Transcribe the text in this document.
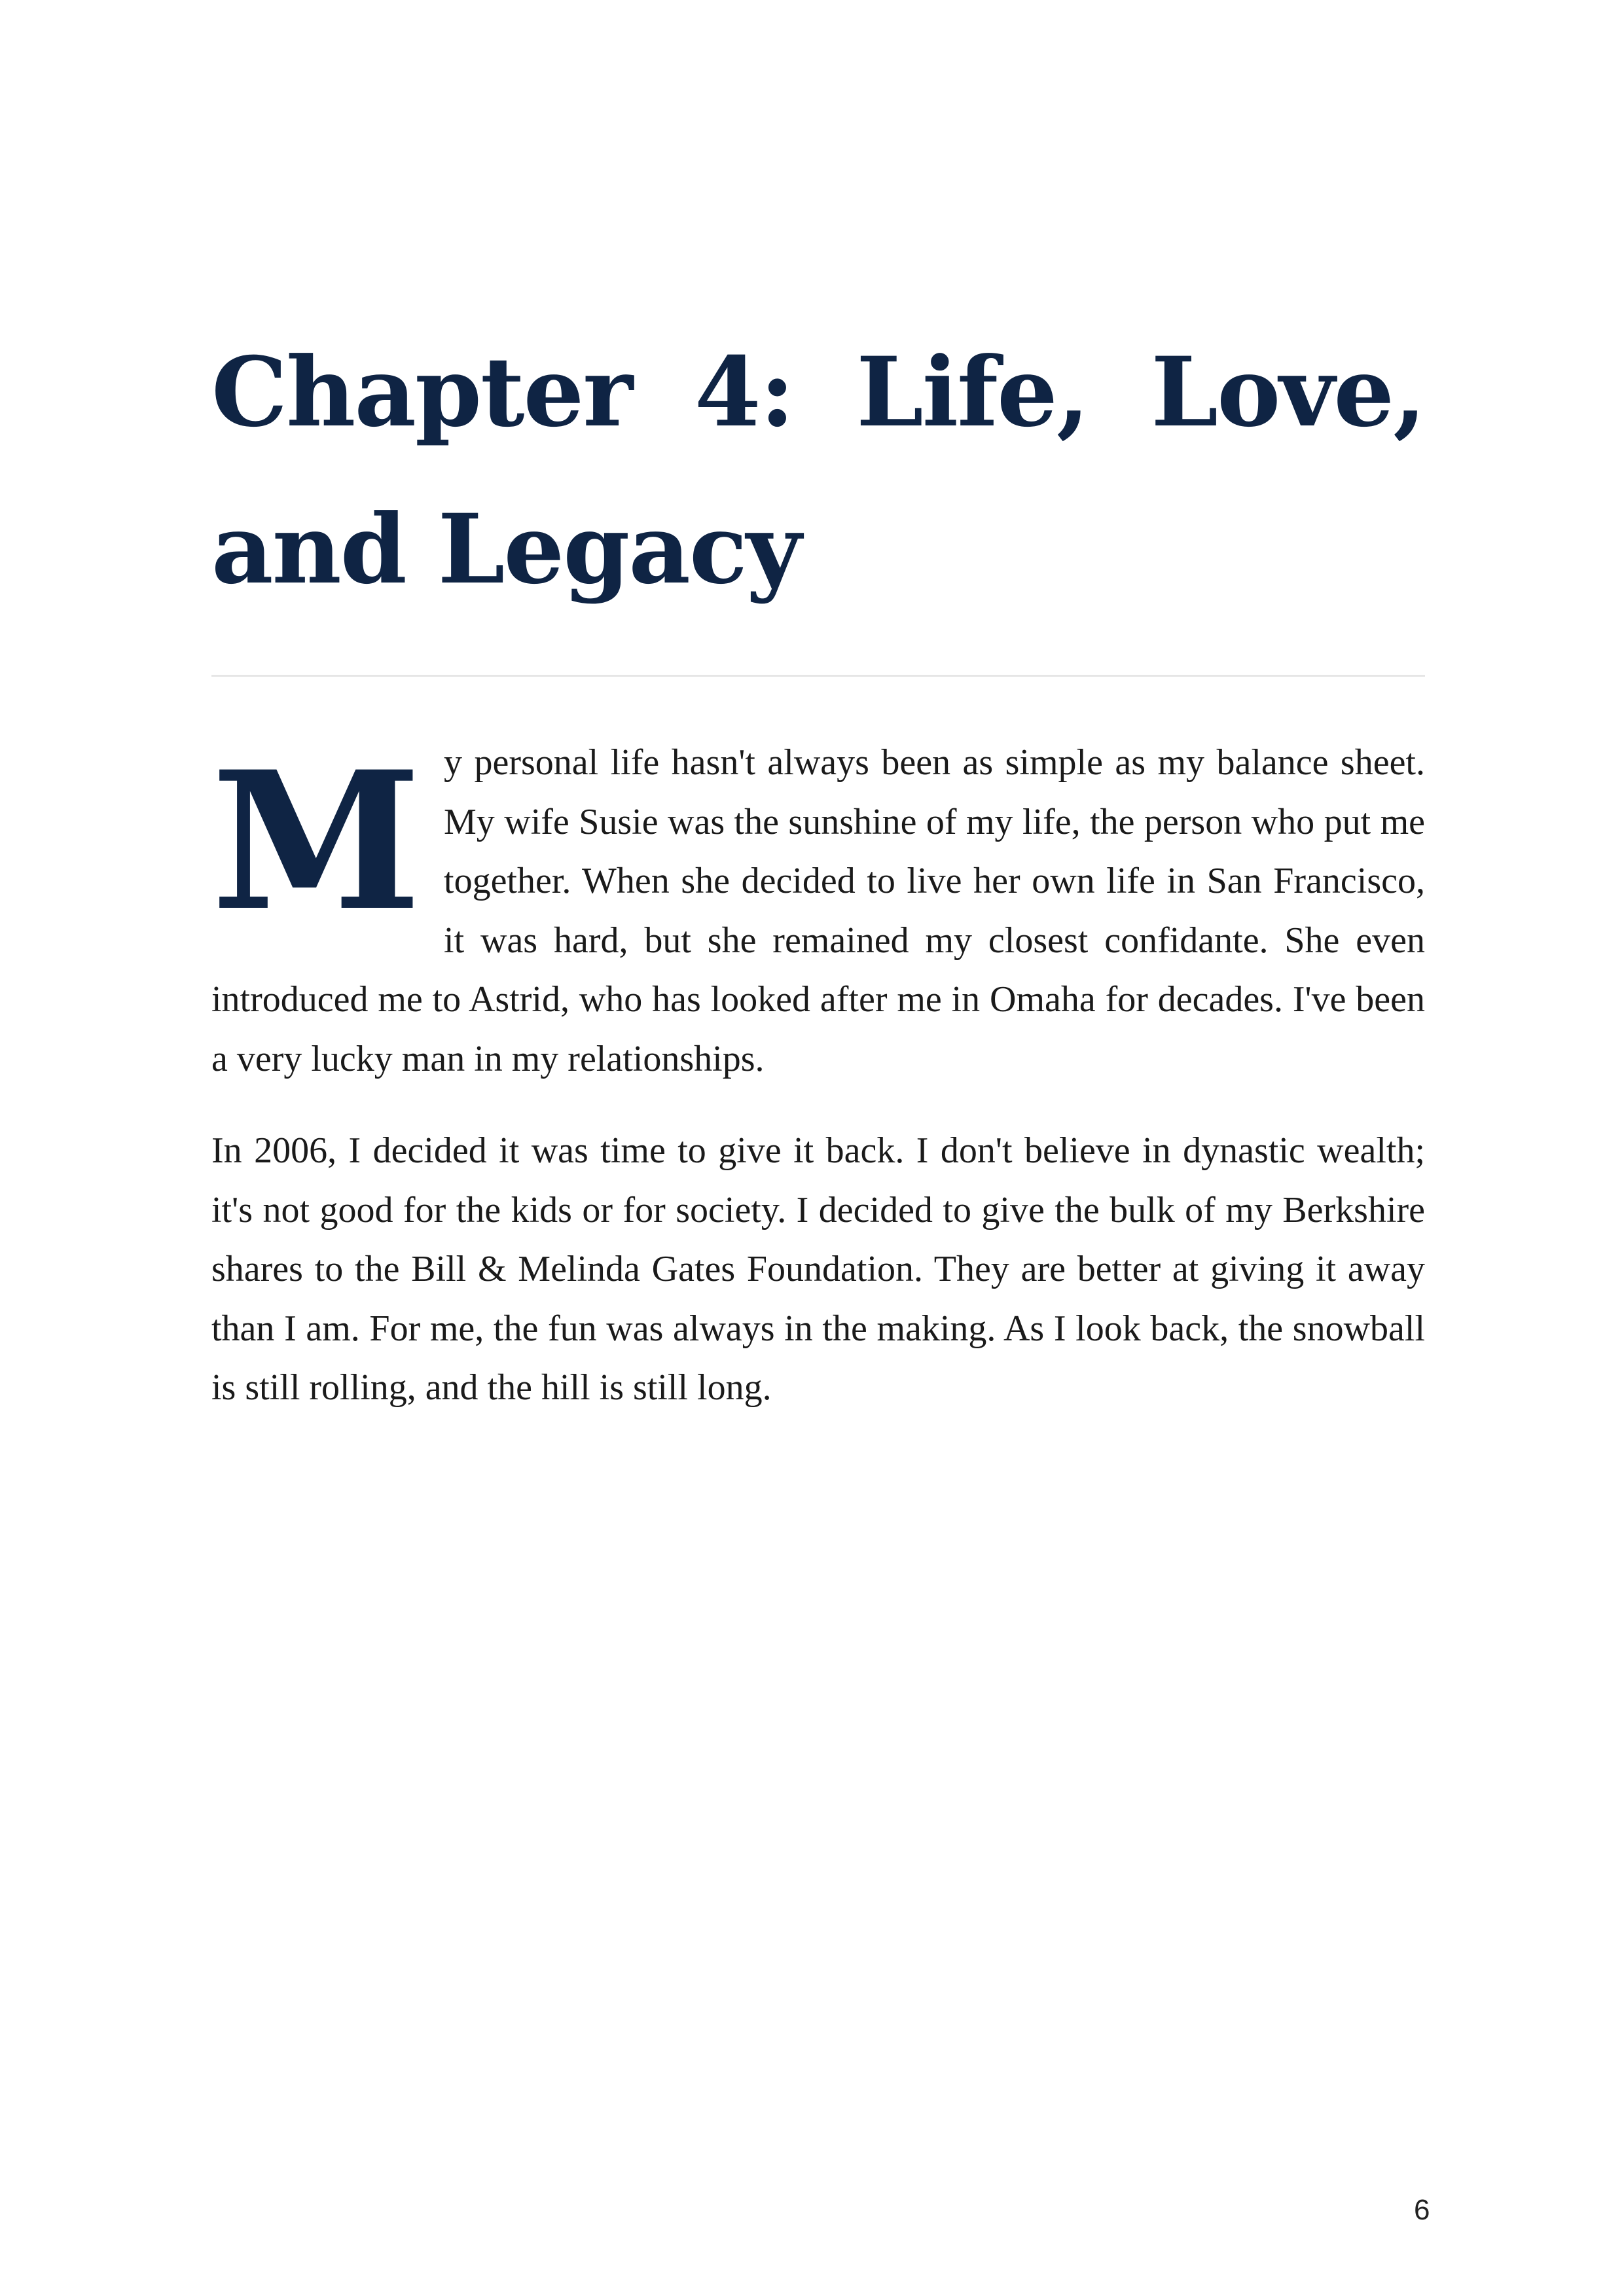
Chapter 4: Life, Love, and Legacy

My personal life hasn't always been as simple as my balance sheet. My wife Susie was the sunshine of my life, the person who put me together. When she decided to live her own life in San Francisco, it was hard, but she remained my closest confidante. She even introduced me to Astrid, who has looked after me in Omaha for decades. I've been a very lucky man in my relationships.

In 2006, I decided it was time to give it back. I don't believe in dynastic wealth; it's not good for the kids or for society. I decided to give the bulk of my Berkshire shares to the Bill & Melinda Gates Foundation. They are better at giving it away than I am. For me, the fun was always in the making. As I look back, the snowball is still rolling, and the hill is still long.

6
